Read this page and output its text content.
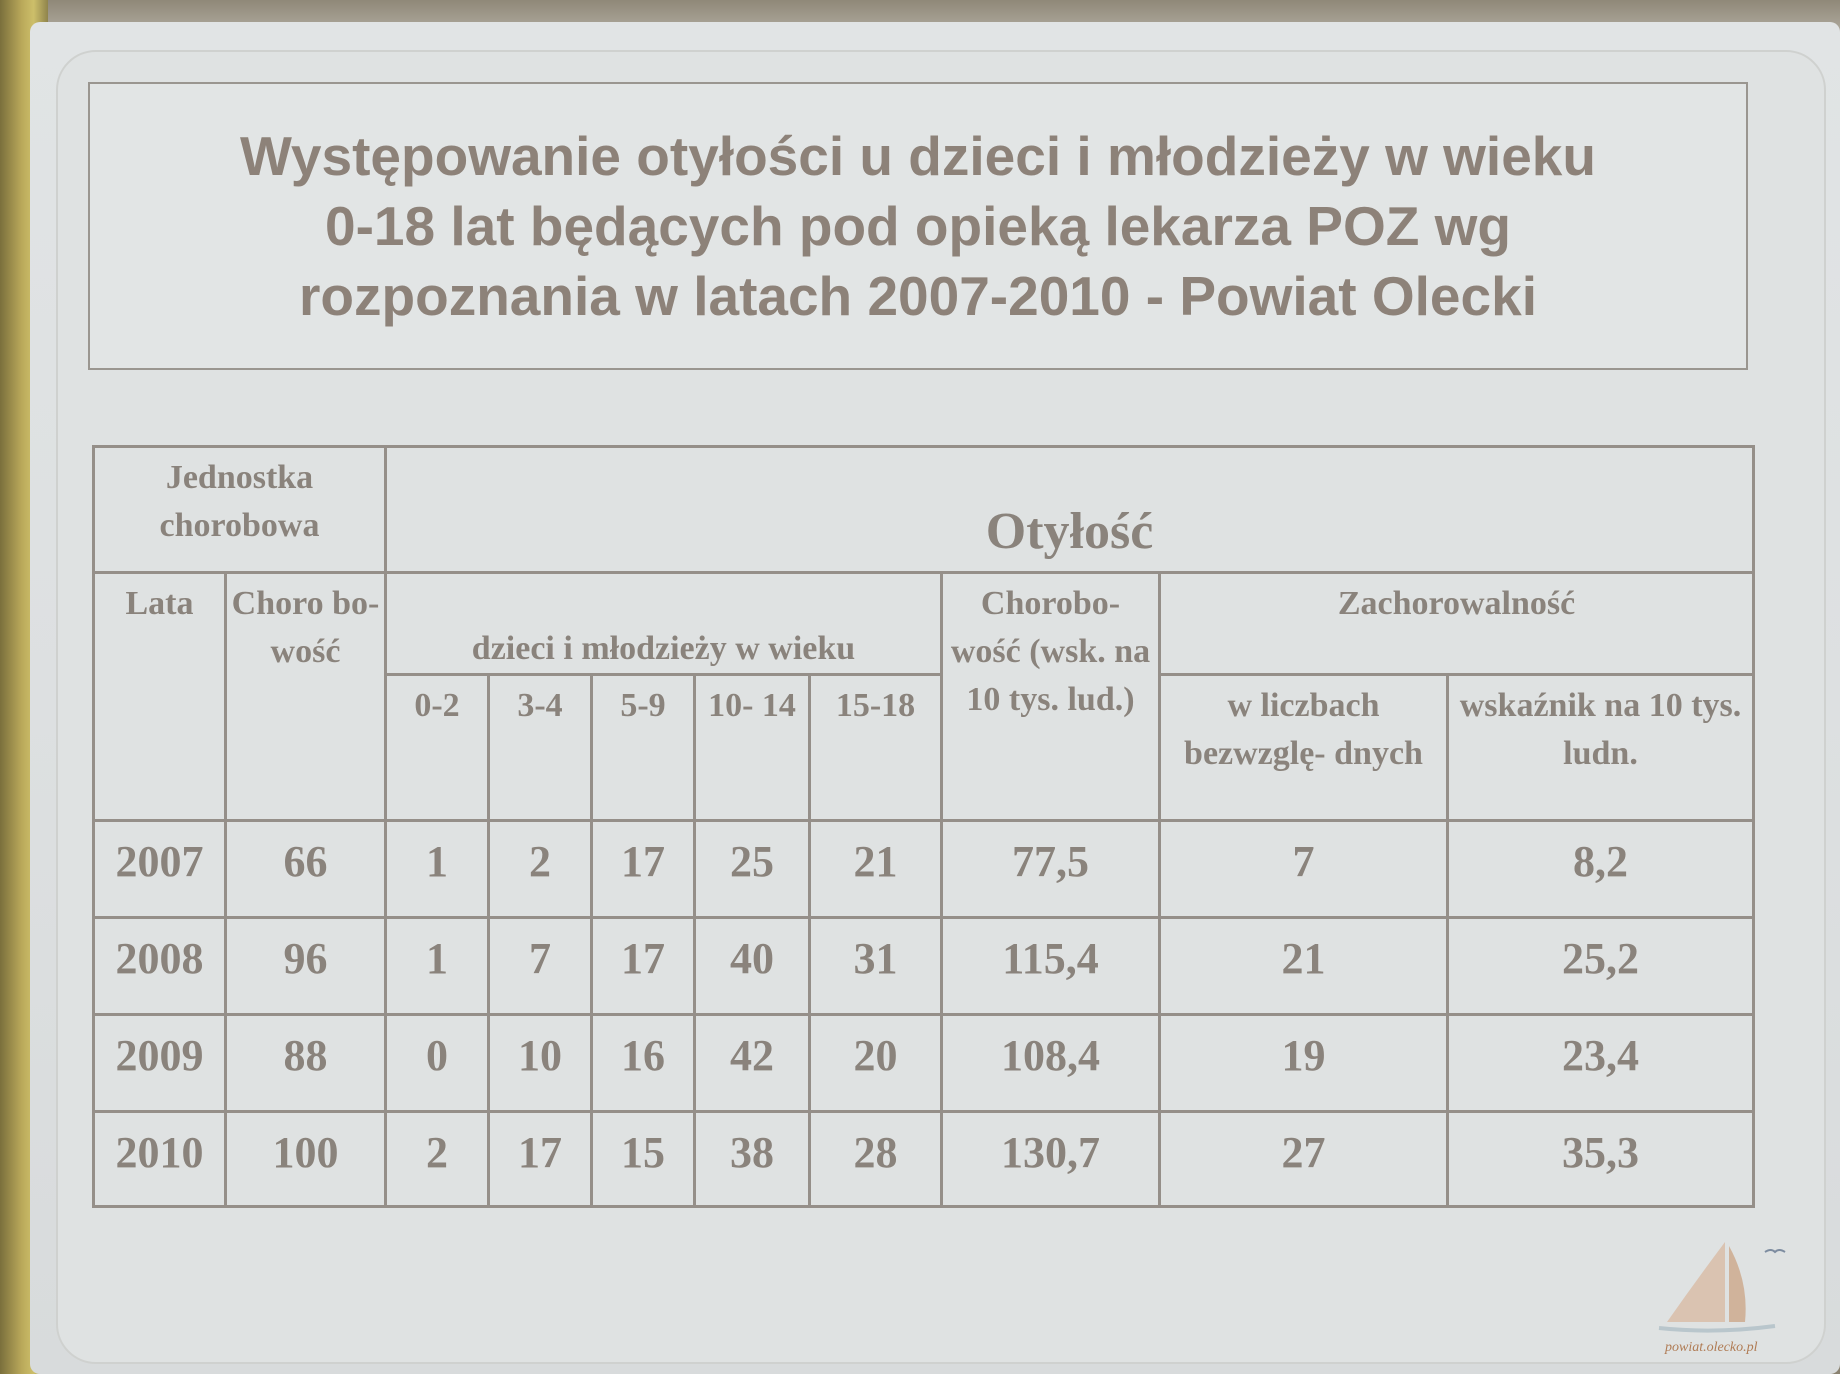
Występowanie otyłości u dzieci i młodzieży w wieku
0-18 lat będących pod opieką lekarza POZ wg
rozpoznania w latach 2007-2010 - Powiat Olecki
Jednostka chorobowa		Otyłość							
Lata	Choro bo- wość	dzieci i młodzieży w wieku					Chorobo- wość (wsk. na 10 tys. lud.)	Zachorowalność	
		0-2	3-4	5-9	10- 14	15-18		w liczbach bezwzglę- dnych	wskaźnik na 10 tys. ludn.
2007	66	1	2	17	25	21	77,5	7	8,2
2008	96	1	7	17	40	31	115,4	21	25,2
2009	88	0	10	16	42	20	108,4	19	23,4
2010	100	2	17	15	38	28	130,7	27	35,3
powiat.olecko.pl
